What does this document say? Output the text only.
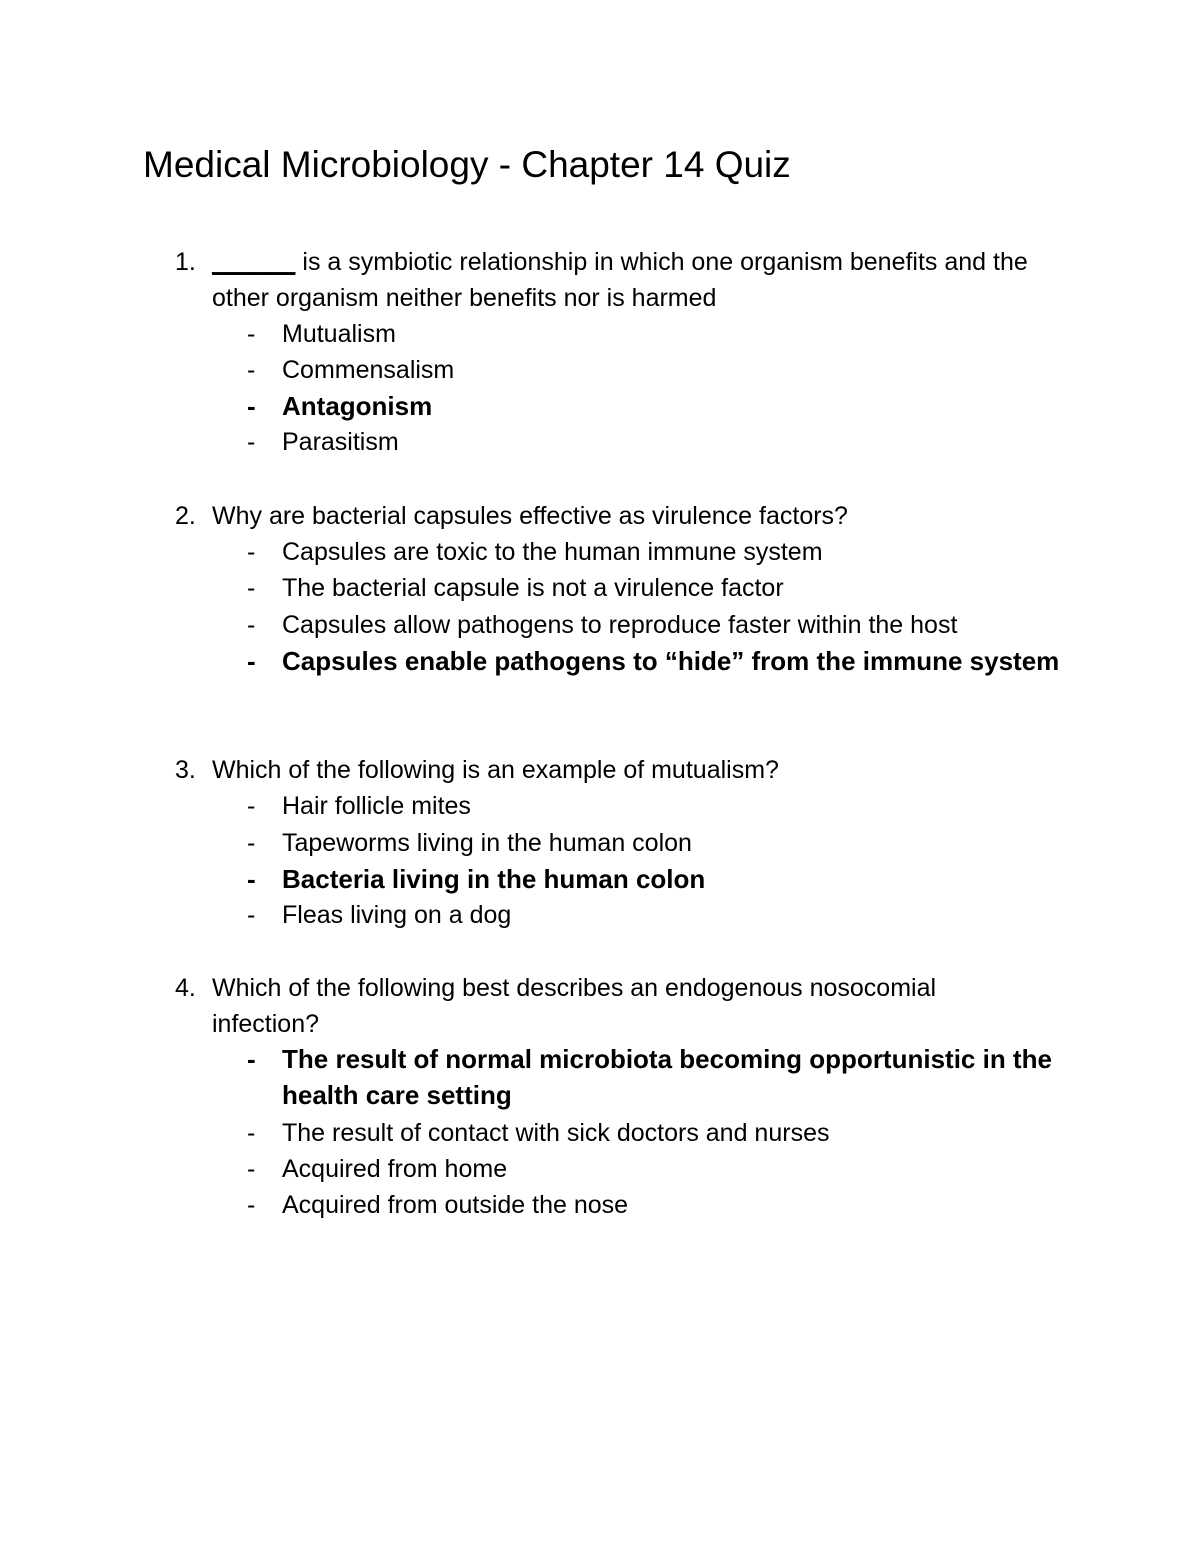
Medical Microbiology - Chapter 14 Quiz
1. ______ is a symbiotic relationship in which one organism benefits and the other organism neither benefits nor is harmed
- Mutualism
- Commensalism
- Antagonism
- Parasitism
2. Why are bacterial capsules effective as virulence factors?
- Capsules are toxic to the human immune system
- The bacterial capsule is not a virulence factor
- Capsules allow pathogens to reproduce faster within the host
- Capsules enable pathogens to “hide” from the immune system
3. Which of the following is an example of mutualism?
- Hair follicle mites
- Tapeworms living in the human colon
- Bacteria living in the human colon
- Fleas living on a dog
4. Which of the following best describes an endogenous nosocomial infection?
- The result of normal microbiota becoming opportunistic in the health care setting
- The result of contact with sick doctors and nurses
- Acquired from home
- Acquired from outside the nose
